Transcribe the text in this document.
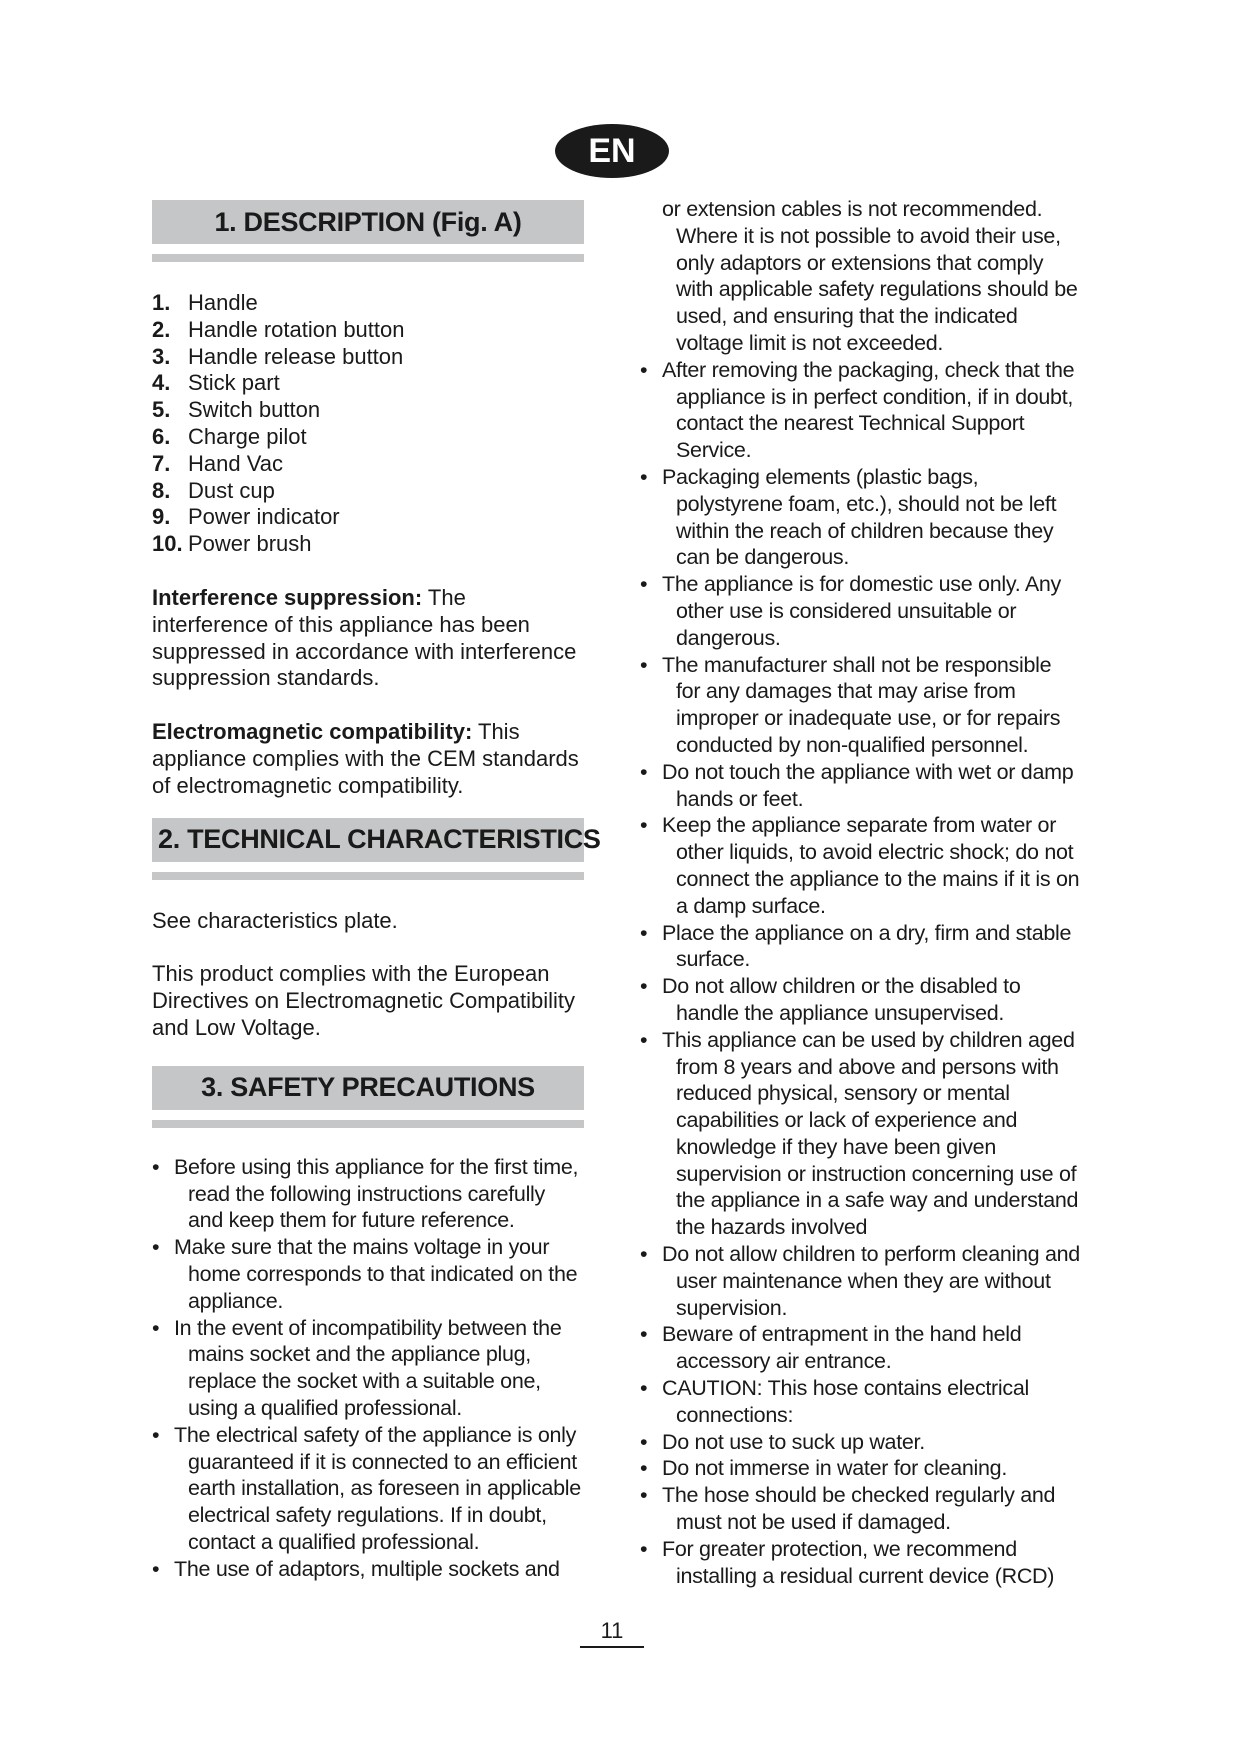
EN
1. DESCRIPTION (Fig. A)
1. Handle
2. Handle rotation button
3. Handle release button
4. Stick part
5. Switch button
6. Charge pilot
7. Hand Vac
8. Dust cup
9. Power indicator
10. Power brush

Interference suppression: The interference of this appliance has been suppressed in accordance with interference suppression standards.

Electromagnetic compatibility: This appliance complies with the CEM standards of electromagnetic compatibility.

2. TECHNICAL CHARACTERISTICS

See characteristics plate.

This product complies with the European Directives on Electromagnetic Compatibility and Low Voltage.

3. SAFETY PRECAUTIONS
• Before using this appliance for the first time, read the following instructions carefully and keep them for future reference.
• Make sure that the mains voltage in your home corresponds to that indicated on the appliance.
• In the event of incompatibility between the mains socket and the appliance plug, replace the socket with a suitable one, using a qualified professional.
• The electrical safety of the appliance is only guaranteed if it is connected to an efficient earth installation, as foreseen in applicable electrical safety regulations. If in doubt, contact a qualified professional.
• The use of adaptors, multiple sockets and
or extension cables is not recommended. Where it is not possible to avoid their use, only adaptors or extensions that comply with applicable safety regulations should be used, and ensuring that the indicated voltage limit is not exceeded.
• After removing the packaging, check that the appliance is in perfect condition, if in doubt, contact the nearest Technical Support Service.
• Packaging elements (plastic bags, polystyrene foam, etc.), should not be left within the reach of children because they can be dangerous.
• The appliance is for domestic use only. Any other use is considered unsuitable or dangerous.
• The manufacturer shall not be responsible for any damages that may arise from improper or inadequate use, or for repairs conducted by non-qualified personnel.
• Do not touch the appliance with wet or damp hands or feet.
• Keep the appliance separate from water or other liquids, to avoid electric shock; do not connect the appliance to the mains if it is on a damp surface.
• Place the appliance on a dry, firm and stable surface.
• Do not allow children or the disabled to handle the appliance unsupervised.
• This appliance can be used by children aged from 8 years and above and persons with reduced physical, sensory or mental capabilities or lack of experience and knowledge if they have been given supervision or instruction concerning use of the appliance in a safe way and understand the hazards involved
• Do not allow children to perform cleaning and user maintenance when they are without supervision.
• Beware of entrapment in the hand held accessory air entrance.
• CAUTION: This hose contains electrical connections:
• Do not use to suck up water.
• Do not immerse in water for cleaning.
• The hose should be checked regularly and must not be used if damaged.
• For greater protection, we recommend installing a residual current device (RCD)
11
